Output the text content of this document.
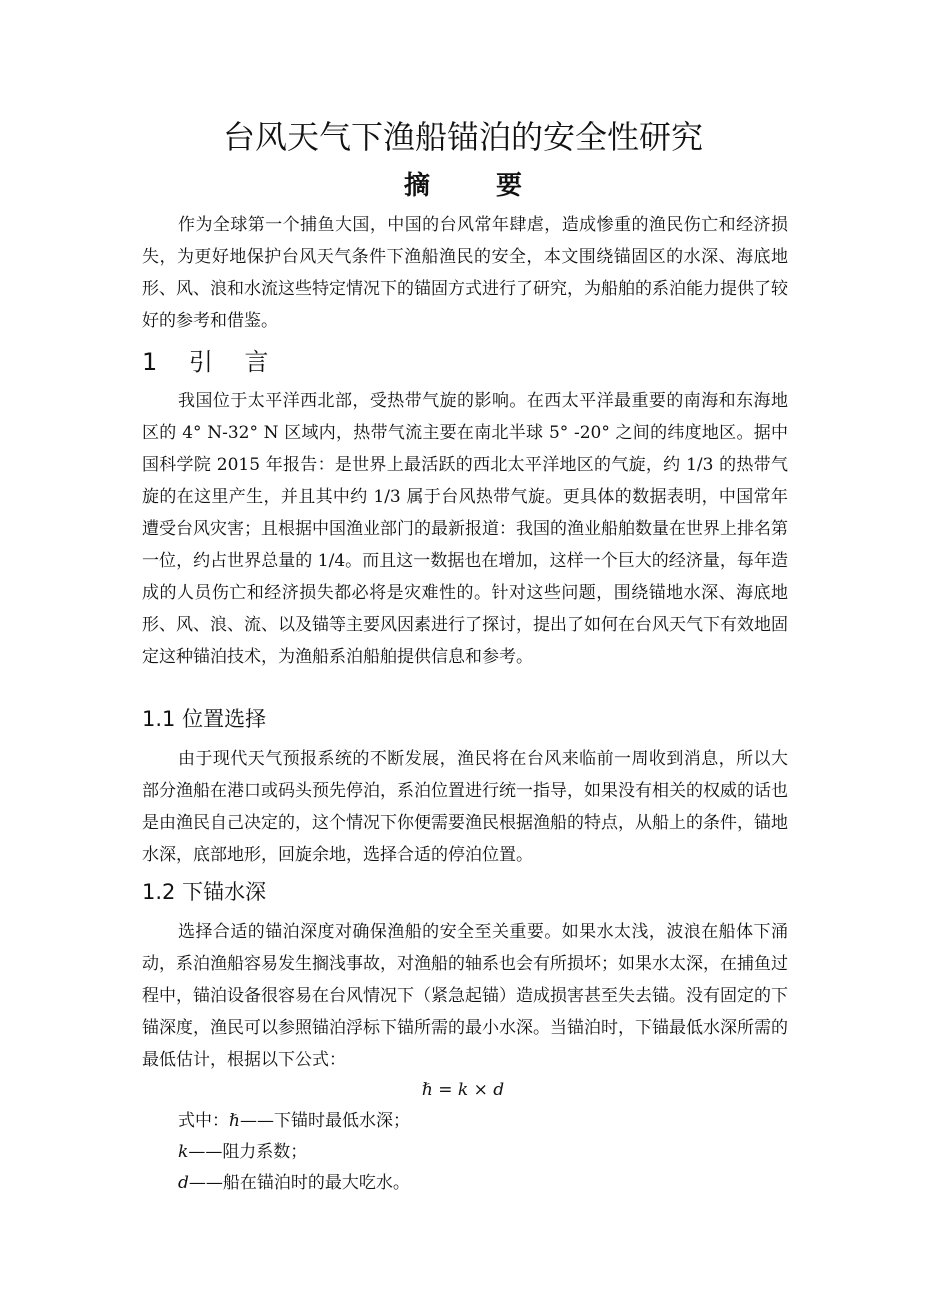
台风天气下渔船锚泊的安全性研究
摘　要

作为全球第一个捕鱼大国，中国的台风常年肆虐，造成惨重的渔民伤亡和经济损失，为更好地保护台风天气条件下渔船渔民的安全，本文围绕锚固区的水深、海底地形、风、浪和水流这些特定情况下的锚固方式进行了研究，为船舶的系泊能力提供了较好的参考和借鉴。

1　 引　 言

我国位于太平洋西北部，受热带气旋的影响。在西太平洋最重要的南海和东海地区的 4° N-32° N 区域内，热带气流主要在南北半球 5° -20° 之间的纬度地区。据中国科学院 2015 年报告：是世界上最活跃的西北太平洋地区的气旋，约 1/3 的热带气旋的在这里产生，并且其中约 1/3 属于台风热带气旋。更具体的数据表明，中国常年遭受台风灾害；且根据中国渔业部门的最新报道：我国的渔业船舶数量在世界上排名第一位，约占世界总量的 1/4。而且这一数据也在增加，这样一个巨大的经济量，每年造成的人员伤亡和经济损失都必将是灾难性的。针对这些问题，围绕锚地水深、海底地形、风、浪、流、以及锚等主要风因素进行了探讨，提出了如何在台风天气下有效地固定这种锚泊技术，为渔船系泊船舶提供信息和参考。

1.1 位置选择

由于现代天气预报系统的不断发展，渔民将在台风来临前一周收到消息，所以大部分渔船在港口或码头预先停泊，系泊位置进行统一指导，如果没有相关的权威的话也是由渔民自己决定的，这个情况下你便需要渔民根据渔船的特点，从船上的条件，锚地水深，底部地形，回旋余地，选择合适的停泊位置。

1.2 下锚水深

选择合适的锚泊深度对确保渔船的安全至关重要。如果水太浅，波浪在船体下涌动，系泊渔船容易发生搁浅事故，对渔船的轴系也会有所损坏；如果水太深，在捕鱼过程中，锚泊设备很容易在台风情况下（紧急起锚）造成损害甚至失去锚。没有固定的下锚深度，渔民可以参照锚泊浮标下锚所需的最小水深。当锚泊时，下锚最低水深所需的最低估计，根据以下公式：

ℏ = k × d
式中：ℏ——下锚时最低水深；
k——阻力系数；
d——船在锚泊时的最大吃水。
